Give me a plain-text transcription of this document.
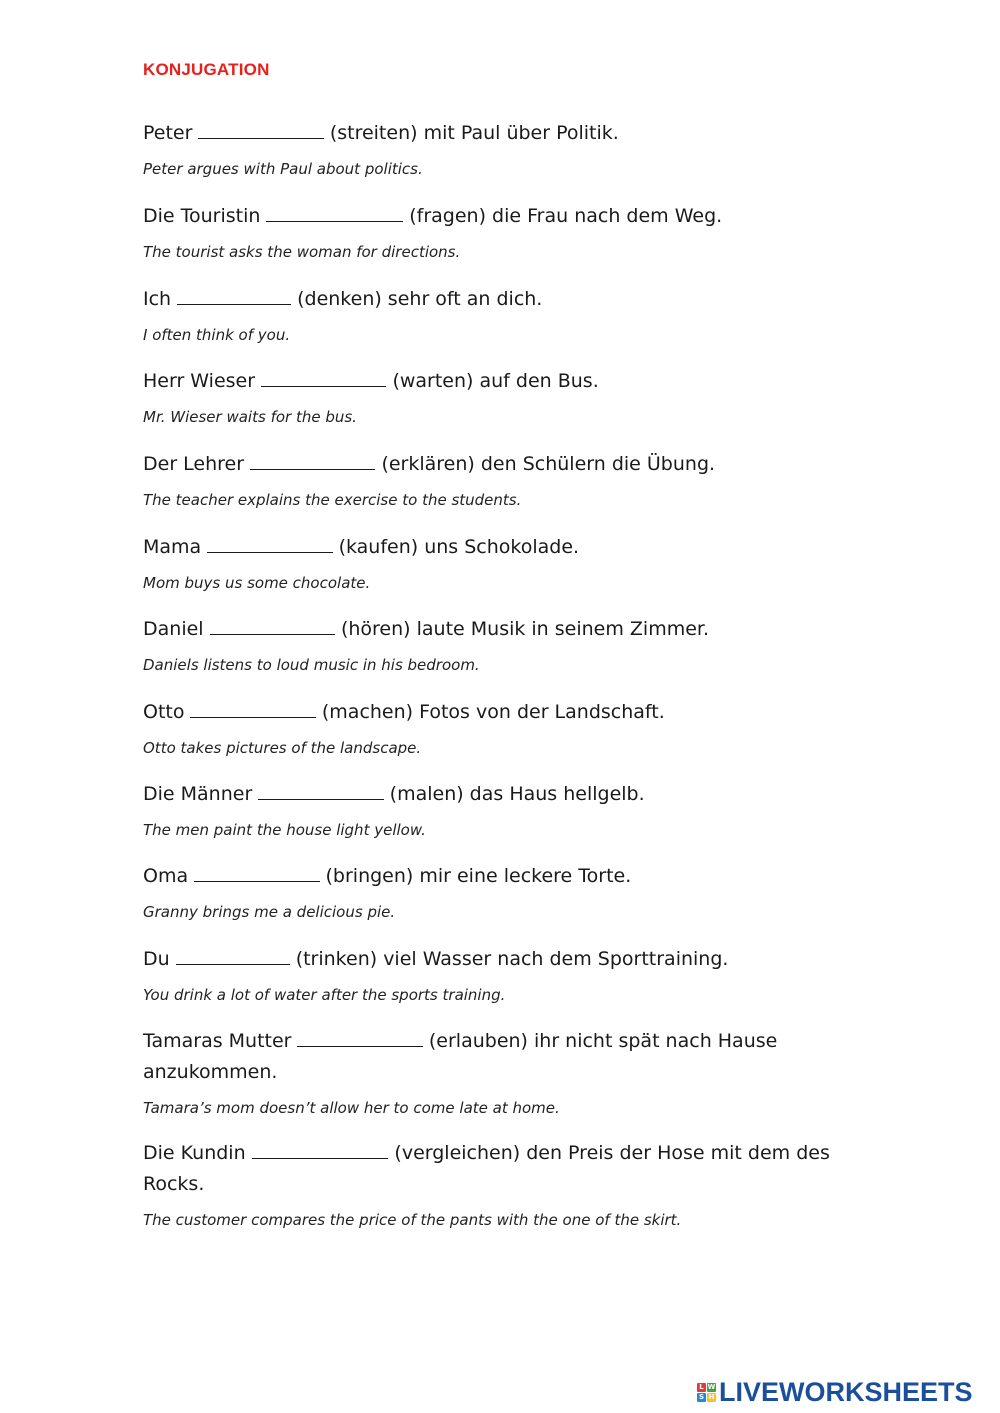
KONJUGATION
Peter	(streiten) mit Paul über Politik.
Peter argues with Paul about politics.
Die Touristin	(fragen) die Frau nach dem Weg.
The tourist asks the woman for directions.
Ich	(denken) sehr oft an dich.
I often think of you.
Herr Wieser	(warten) auf den Bus.
Mr. Wieser waits for the bus.
Der Lehrer	(erklären) den Schülern die Übung.
The teacher explains the exercise to the students.
Mama	(kaufen) uns Schokolade.
Mom buys us some chocolate.
Daniel	(hören) laute Musik in seinem Zimmer.
Daniels listens to loud music in his bedroom.
Otto	(machen) Fotos von der Landschaft.
Otto takes pictures of the landscape.
Die Männer	(malen) das Haus hellgelb.
The men paint the house light yellow.
Oma	(bringen) mir eine leckere Torte.
Granny brings me a delicious pie.
Du	(trinken) viel Wasser nach dem Sporttraining.
You drink a lot of water after the sports training.
Tamaras Mutter	(erlauben) ihr nicht spät nach Hause anzukommen.
Tamara’s mom doesn’t allow her to come late at home.
Die Kundin	(vergleichen) den Preis der Hose mit dem des Rocks.
The customer compares the price of the pants with the one of the skirt.
L W
S H LIVEWORKSHEETS
